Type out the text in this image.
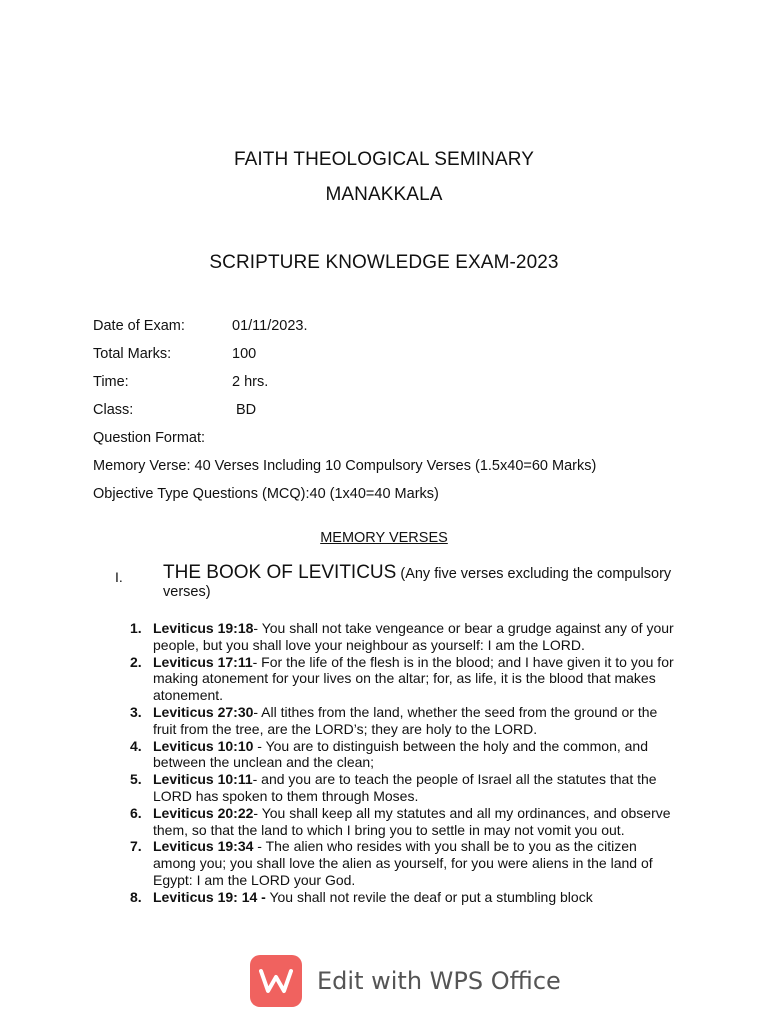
FAITH THEOLOGICAL SEMINARY
MANAKKALA
SCRIPTURE KNOWLEDGE EXAM-2023
Date of Exam:	01/11/2023.
Total Marks:	100
Time:	2 hrs.
Class:	BD
Question Format:
Memory Verse: 40 Verses Including 10 Compulsory Verses (1.5x40=60 Marks)
Objective Type Questions (MCQ):40 (1x40=40 Marks)
MEMORY VERSES
I. THE BOOK OF LEVITICUS (Any five verses excluding the compulsory verses)
1. Leviticus 19:18- You shall not take vengeance or bear a grudge against any of your people, but you shall love your neighbour as yourself: I am the LORD.
2. Leviticus 17:11- For the life of the flesh is in the blood; and I have given it to you for making atonement for your lives on the altar; for, as life, it is the blood that makes atonement.
3. Leviticus 27:30- All tithes from the land, whether the seed from the ground or the fruit from the tree, are the LORD’s; they are holy to the LORD.
4. Leviticus 10:10 - You are to distinguish between the holy and the common, and between the unclean and the clean;
5. Leviticus 10:11- and you are to teach the people of Israel all the statutes that the LORD has spoken to them through Moses.
6. Leviticus 20:22- You shall keep all my statutes and all my ordinances, and observe them, so that the land to which I bring you to settle in may not vomit you out.
7. Leviticus 19:34 - The alien who resides with you shall be to you as the citizen among you; you shall love the alien as yourself, for you were aliens in the land of Egypt: I am the LORD your God.
8. Leviticus 19: 14 - You shall not revile the deaf or put a stumbling block
Edit with WPS Office
